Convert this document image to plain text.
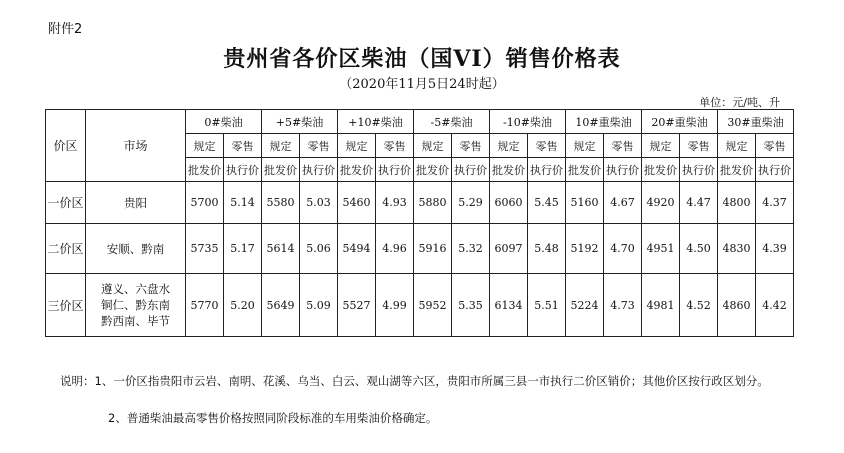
附件2
贵州省各价区柴油（国VI）销售价格表
（2020年11月5日24时起）
单位：元/吨、升
价区	市场	0#柴油		+5#柴油		+10#柴油		-5#柴油		-10#柴油		10#重柴油		20#重柴油		30#重柴油	
		规定	零售	规定	零售	规定	零售	规定	零售	规定	零售	规定	零售	规定	零售	规定	零售
		批发价	执行价	批发价	执行价	批发价	执行价	批发价	执行价	批发价	执行价	批发价	执行价	批发价	执行价	批发价	执行价
一价区	贵阳	5700	5.14	5580	5.03	5460	4.93	5880	5.29	6060	5.45	5160	4.67	4920	4.47	4800	4.37
二价区	安顺、黔南	5735	5.17	5614	5.06	5494	4.96	5916	5.32	6097	5.48	5192	4.70	4951	4.50	4830	4.39
三价区	遵义、六盘水
铜仁、黔东南
黔西南、毕节	5770	5.20	5649	5.09	5527	4.99	5952	5.35	6134	5.51	5224	4.73	4981	4.52	4860	4.42
说明：1、一价区指贵阳市云岩、南明、花溪、乌当、白云、观山湖等六区，贵阳市所属三县一市执行二价区销价；其他价区按行政区划分。
2、普通柴油最高零售价格按照同阶段标准的车用柴油价格确定。
